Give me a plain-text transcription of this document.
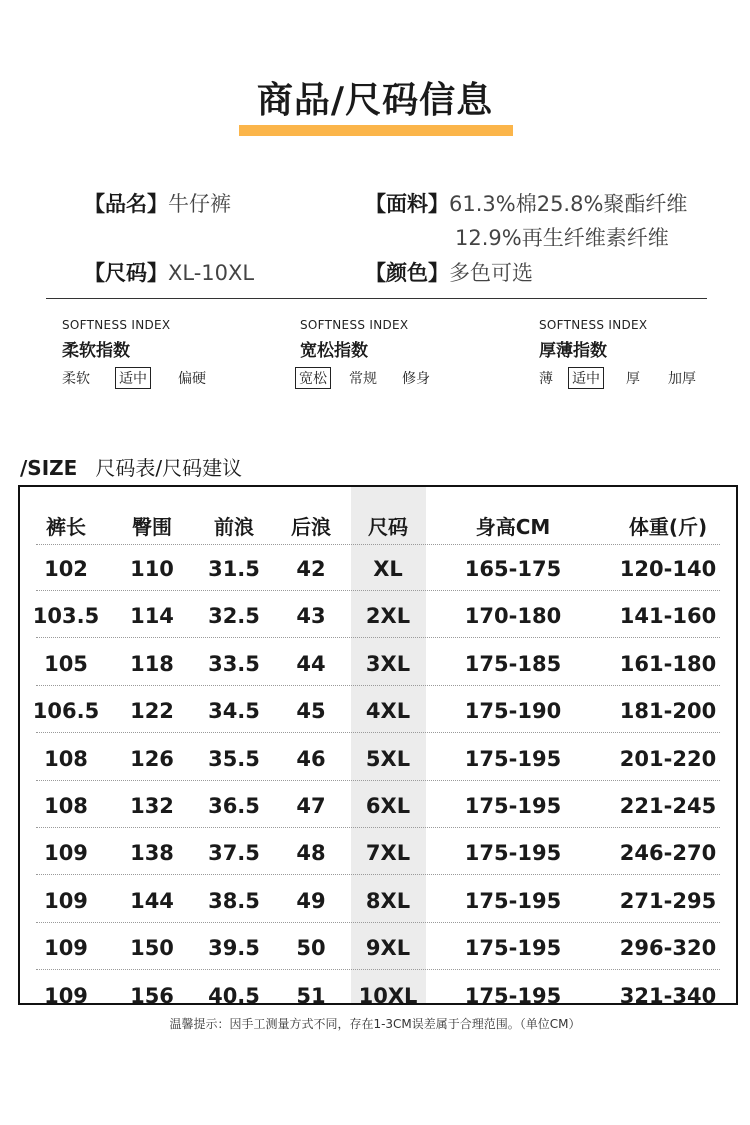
商品/尺码信息
【品名】牛仔裤	【面料】61.3%棉25.8%聚酯纤维
12.9%再生纤维素纤维
【尺码】XL-10XL	【颜色】多色可选
SOFTNESS INDEX
柔软指数
SOFTNESS INDEX
宽松指数
SOFTNESS INDEX
厚薄指数
柔软 适中 偏硬	宽松 常规 修身	薄 适中 厚 加厚
/SIZE 尺码表/尺码建议
裤长 臀围 前浪 后浪 尺码	身高CM	体重(斤)
102 110 31.5 42 XL	165-175	120-140
103.5 114 32.5 43 2XL	170-180	141-160
105 118 33.5 44 3XL	175-185	161-180
106.5 122 34.5 45 4XL	175-190	181-200
108 126 35.5 46 5XL	175-195	201-220
108 132 36.5 47 6XL	175-195	221-245
109 138 37.5 48 7XL	175-195	246-270
109 144 38.5 49 8XL	175-195	271-295
109 150 39.5 50 9XL	175-195	296-320
109 156 40.5 51 10XL 175-195	321-340
温馨提示：因手工测量方式不同，存在1-3CM误差属于合理范围。（单位CM）
